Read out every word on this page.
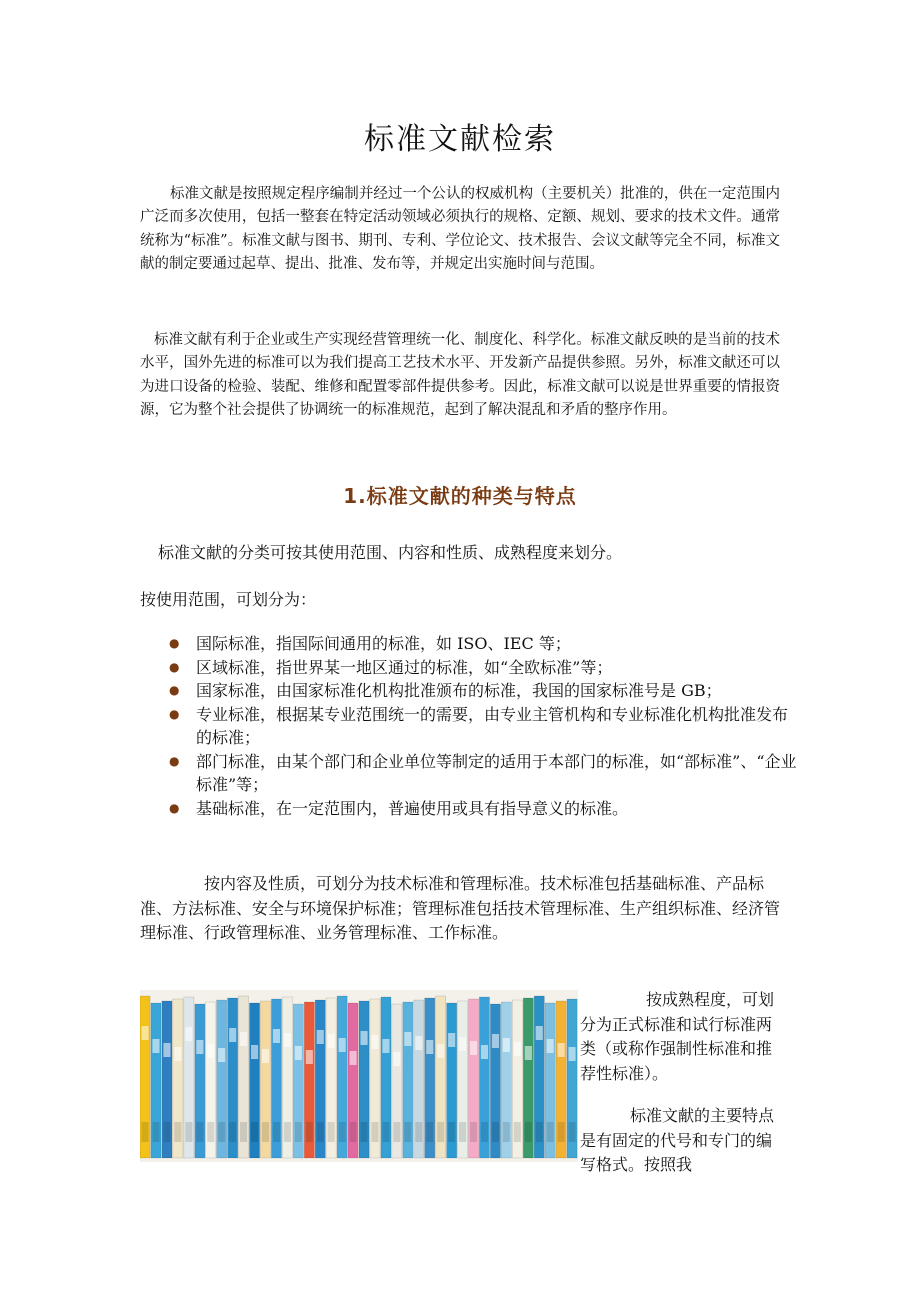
标准文献检索

标准文献是按照规定程序编制并经过一个公认的权威机构（主要机关）批准的，供在一定范围内广泛而多次使用，包括一整套在特定活动领域必须执行的规格、定额、规划、要求的技术文件。通常统称为“标准”。标准文献与图书、期刊、专利、学位论文、技术报告、会议文献等完全不同，标准文献的制定要通过起草、提出、批准、发布等，并规定出实施时间与范围。

标准文献有利于企业或生产实现经营管理统一化、制度化、科学化。标准文献反映的是当前的技术水平，国外先进的标准可以为我们提高工艺技术水平、开发新产品提供参照。另外，标准文献还可以为进口设备的检验、装配、维修和配置零部件提供参考。因此，标准文献可以说是世界重要的情报资源，它为整个社会提供了协调统一的标准规范，起到了解决混乱和矛盾的整序作用。

1.标准文献的种类与特点

标准文献的分类可按其使用范围、内容和性质、成熟程度来划分。

按使用范围，可划分为：

● 国际标准，指国际间通用的标准，如 ISO、IEC 等；
● 区域标准，指世界某一地区通过的标准，如“全欧标准”等；
● 国家标准，由国家标准化机构批准颁布的标准，我国的国家标准号是 GB；
● 专业标准，根据某专业范围统一的需要，由专业主管机构和专业标准化机构批准发布的标准；
● 部门标准，由某个部门和企业单位等制定的适用于本部门的标准，如“部标准”、“企业标准”等；
● 基础标准，在一定范围内，普遍使用或具有指导意义的标准。

按内容及性质，可划分为技术标准和管理标准。技术标准包括基础标准、产品标准、方法标准、安全与环境保护标准；管理标准包括技术管理标准、生产组织标准、经济管理标准、行政管理标准、业务管理标准、工作标准。

按成熟程度，可划分为正式标准和试行标准两类（或称作强制性标准和推荐性标准）。

标准文献的主要特点是有固定的代号和专门的编写格式。按照我
